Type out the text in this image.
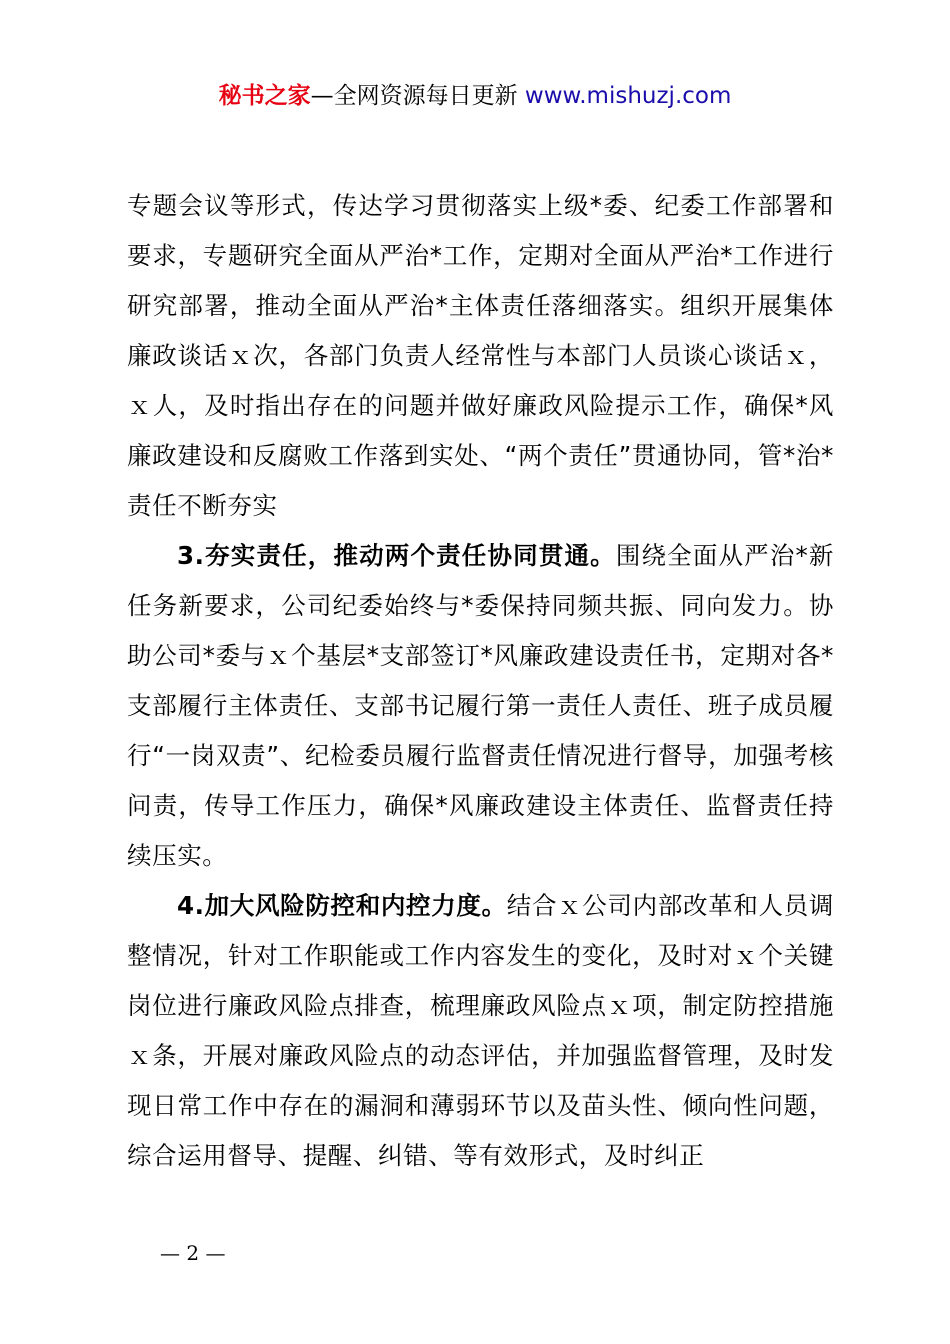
秘书之家—全网资源每日更新 www.mishuzj.com

专题会议等形式，传达学习贯彻落实上级*委、纪委工作部署和要求，专题研究全面从严治*工作，定期对全面从严治*工作进行研究部署，推动全面从严治*主体责任落细落实。组织开展集体廉政谈话ｘ次，各部门负责人经常性与本部门人员谈心谈话ｘ，ｘ人，及时指出存在的问题并做好廉政风险提示工作，确保*风廉政建设和反腐败工作落到实处、“两个责任”贯通协同，管*治*责任不断夯实

3.夯实责任，推动两个责任协同贯通。围绕全面从严治*新任务新要求，公司纪委始终与*委保持同频共振、同向发力。协助公司*委与ｘ个基层*支部签订*风廉政建设责任书，定期对各*支部履行主体责任、支部书记履行第一责任人责任、班子成员履行“一岗双责”、纪检委员履行监督责任情况进行督导，加强考核问责，传导工作压力，确保*风廉政建设主体责任、监督责任持续压实。

4.加大风险防控和内控力度。结合ｘ公司内部改革和人员调整情况，针对工作职能或工作内容发生的变化，及时对ｘ个关键岗位进行廉政风险点排查，梳理廉政风险点ｘ项，制定防控措施ｘ条，开展对廉政风险点的动态评估，并加强监督管理，及时发现日常工作中存在的漏洞和薄弱环节以及苗头性、倾向性问题，综合运用督导、提醒、纠错、等有效形式，及时纠正

— 2 —
